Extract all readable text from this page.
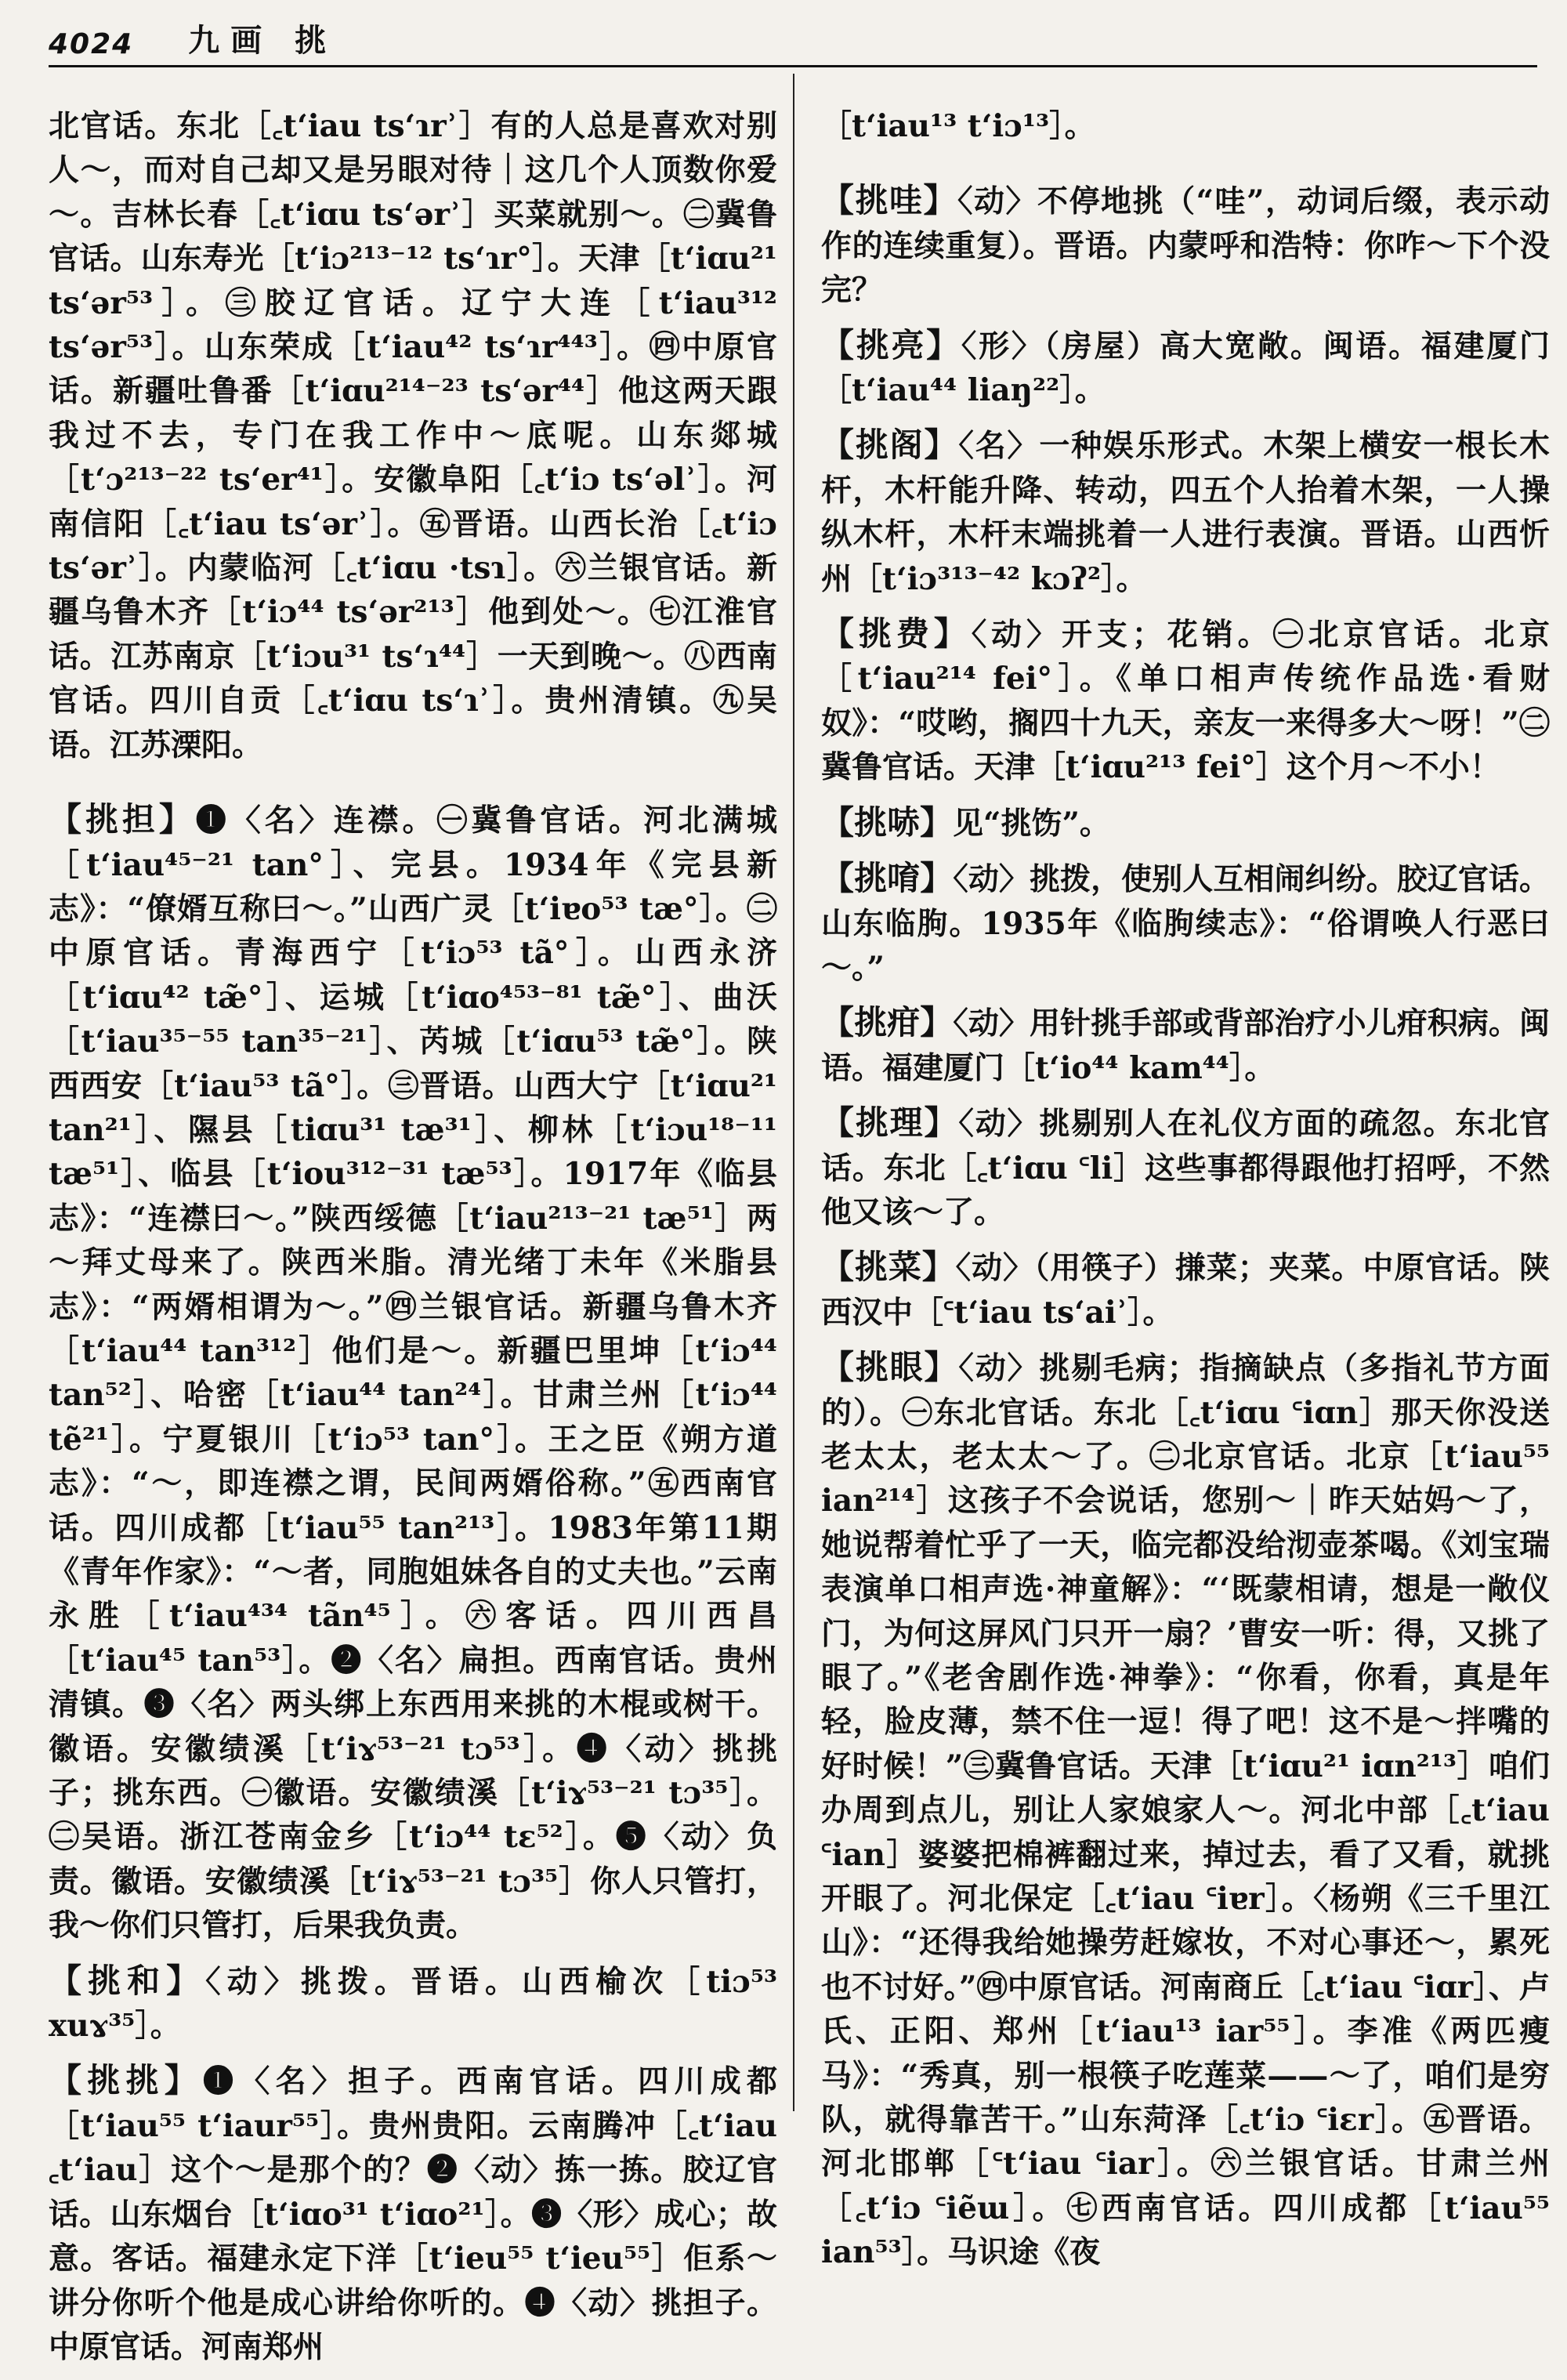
4024 九画 挑

北官话。东北［꜀tʻiau tsʻɿrʾ］有的人总是喜欢对别人～，而对自己却又是另眼对待｜这几个人顶数你爱～。吉林长春［꜀tʻiɑu tsʻərʾ］买菜就别～。㊁冀鲁官话。山东寿光［tʻiɔ²¹³⁻¹² tsʻɿr°］。天津［tʻiɑu²¹ tsʻər⁵³］。㊂胶辽官话。辽宁大连［tʻiau³¹² tsʻər⁵³］。山东荣成［tʻiau⁴² tsʻɿr⁴⁴³］。㊃中原官话。新疆吐鲁番［tʻiɑu²¹⁴⁻²³ tsʻər⁴⁴］他这两天跟我过不去，专门在我工作中～底呢。山东郯城［tʻɔ²¹³⁻²² tsʻer⁴¹］。安徽阜阳［꜀tʻiɔ tsʻəlʾ］。河南信阳［꜀tʻiau tsʻərʾ］。㊄晋语。山西长治［꜀tʻiɔ tsʻərʾ］。内蒙临河［꜀tʻiɑu ·tsɿ］。㊅兰银官话。新疆乌鲁木齐［tʻiɔ⁴⁴ tsʻər²¹³］他到处～。㊆江淮官话。江苏南京［tʻiɔu³¹ tsʻɿ⁴⁴］一天到晚～。㊇西南官话。四川自贡［꜀tʻiɑu tsʻɿʾ］。贵州清镇。㊈吴语。江苏溧阳。

【挑担】❶〈名〉连襟。㊀冀鲁官话。河北满城［tʻiau⁴⁵⁻²¹ tan°］、完县。1934年《完县新志》：“僚婿互称曰～。”山西广灵［tʻiɐo⁵³ tæ°］。㊁中原官话。青海西宁［tʻiɔ⁵³ tã°］。山西永济［tʻiɑu⁴² tæ̃°］、运城［tʻiɑo⁴⁵³⁻⁸¹ tæ̃°］、曲沃［tʻiau³⁵⁻⁵⁵ tan³⁵⁻²¹］、芮城［tʻiɑu⁵³ tæ̃°］。陕西西安［tʻiau⁵³ tã°］。㊂晋语。山西大宁［tʻiɑu²¹ tan²¹］、隰县［tiɑu³¹ tæ³¹］、柳林［tʻiɔu¹⁸⁻¹¹ tæ⁵¹］、临县［tʻiou³¹²⁻³¹ tæ⁵³］。1917年《临县志》：“连襟曰～。”陕西绥德［tʻiau²¹³⁻²¹ tæ⁵¹］两～拜丈母来了。陕西米脂。清光绪丁未年《米脂县志》：“两婿相谓为～。”㊃兰银官话。新疆乌鲁木齐［tʻiau⁴⁴ tan³¹²］他们是～。新疆巴里坤［tʻiɔ⁴⁴ tan⁵²］、哈密［tʻiau⁴⁴ tan²⁴］。甘肃兰州［tʻiɔ⁴⁴ tẽ²¹］。宁夏银川［tʻiɔ⁵³ tan°］。王之臣《朔方道志》：“～，即连襟之谓，民间两婿俗称。”㊄西南官话。四川成都［tʻiau⁵⁵ tan²¹³］。1983年第11期《青年作家》：“～者，同胞姐妹各自的丈夫也。”云南永胜［tʻiau⁴³⁴ tãn⁴⁵］。㊅客话。四川西昌［tʻiau⁴⁵ tan⁵³］。❷〈名〉扁担。西南官话。贵州清镇。❸〈名〉两头绑上东西用来挑的木棍或树干。徽语。安徽绩溪［tʻiɤ⁵³⁻²¹ tɔ⁵³］。❹〈动〉挑挑子；挑东西。㊀徽语。安徽绩溪［tʻiɤ⁵³⁻²¹ tɔ³⁵］。㊁吴语。浙江苍南金乡［tʻiɔ⁴⁴ tɛ⁵²］。❺〈动〉负责。徽语。安徽绩溪［tʻiɤ⁵³⁻²¹ tɔ³⁵］你人只管打，我～你们只管打，后果我负责。

【挑和】〈动〉挑拨。晋语。山西榆次［tiɔ⁵³ xuɤ³⁵］。

【挑挑】❶〈名〉担子。西南官话。四川成都［tʻiau⁵⁵ tʻiaur⁵⁵］。贵州贵阳。云南腾冲［꜀tʻiau ꜀tʻiau］这个～是那个的？❷〈动〉拣一拣。胶辽官话。山东烟台［tʻiɑo³¹ tʻiɑo²¹］。❸〈形〉成心；故意。客话。福建永定下洋［tʻieu⁵⁵ tʻieu⁵⁵］佢系～讲分你听个他是成心讲给你听的。❹〈动〉挑担子。中原官话。河南郑州

［tʻiau¹³ tʻiɔ¹³］。

【挑哇】〈动〉不停地挑（“哇”，动词后缀，表示动作的连续重复）。晋语。内蒙呼和浩特：你咋～下个没完？

【挑亮】〈形〉（房屋）高大宽敞。闽语。福建厦门［tʻiau⁴⁴ liaŋ²²］。

【挑阁】〈名〉一种娱乐形式。木架上横安一根长木杆，木杆能升降、转动，四五个人抬着木架，一人操纵木杆，木杆末端挑着一人进行表演。晋语。山西忻州［tʻiɔ³¹³⁻⁴² kɔʔ²］。

【挑费】〈动〉开支；花销。㊀北京官话。北京［tʻiau²¹⁴ fei°］。《单口相声传统作品选·看财奴》：“哎哟，搁四十九天，亲友一来得多大～呀！”㊁冀鲁官话。天津［tʻiɑu²¹³ fei°］这个月～不小！

【挑哧】见“挑饬”。

【挑唷】〈动〉挑拨，使别人互相闹纠纷。胶辽官话。山东临朐。1935年《临朐续志》：“俗谓唤人行恶曰～。”

【挑疳】〈动〉用针挑手部或背部治疗小儿疳积病。闽语。福建厦门［tʻio⁴⁴ kam⁴⁴］。

【挑理】〈动〉挑剔别人在礼仪方面的疏忽。东北官话。东北［꜀tʻiɑu ꜂li］这些事都得跟他打招呼，不然他又该～了。

【挑菜】〈动〉（用筷子）搛菜；夹菜。中原官话。陕西汉中［꜂tʻiau tsʻaiʾ］。

【挑眼】〈动〉挑剔毛病；指摘缺点（多指礼节方面的）。㊀东北官话。东北［꜀tʻiɑu ꜂iɑn］那天你没送老太太，老太太～了。㊁北京官话。北京［tʻiau⁵⁵ ian²¹⁴］这孩子不会说话，您别～｜昨天姑妈～了，她说帮着忙乎了一天，临完都没给沏壶茶喝。《刘宝瑞表演单口相声选·神童解》：“‘既蒙相请，想是一敞仪门，为何这屏风门只开一扇？’曹安一听：得，又挑了眼了。”《老舍剧作选·神拳》：“你看，你看，真是年轻，脸皮薄，禁不住一逗！得了吧！这不是～拌嘴的好时候！”㊂冀鲁官话。天津［tʻiɑu²¹ iɑn²¹³］咱们办周到点儿，别让人家娘家人～。河北中部［꜀tʻiau ꜂ian］婆婆把棉裤翻过来，掉过去，看了又看，就挑开眼了。河北保定［꜀tʻiau ꜂iɐr］。〈杨朔《三千里江山》：“还得我给她操劳赶嫁妆，不对心事还～，累死也不讨好。”㊃中原官话。河南商丘［꜀tʻiau ꜂iɑr］、卢氏、正阳、郑州［tʻiau¹³ iar⁵⁵］。李准《两匹瘦马》：“秀真，别一根筷子吃莲菜——～了，咱们是穷队，就得靠苦干。”山东菏泽［꜀tʻiɔ ꜂iɛr］。㊄晋语。河北邯郸［꜂tʻiau ꜂iar］。㊅兰银官话。甘肃兰州［꜀tʻiɔ ꜂iẽɯ］。㊆西南官话。四川成都［tʻiau⁵⁵ ian⁵³］。马识途《夜
